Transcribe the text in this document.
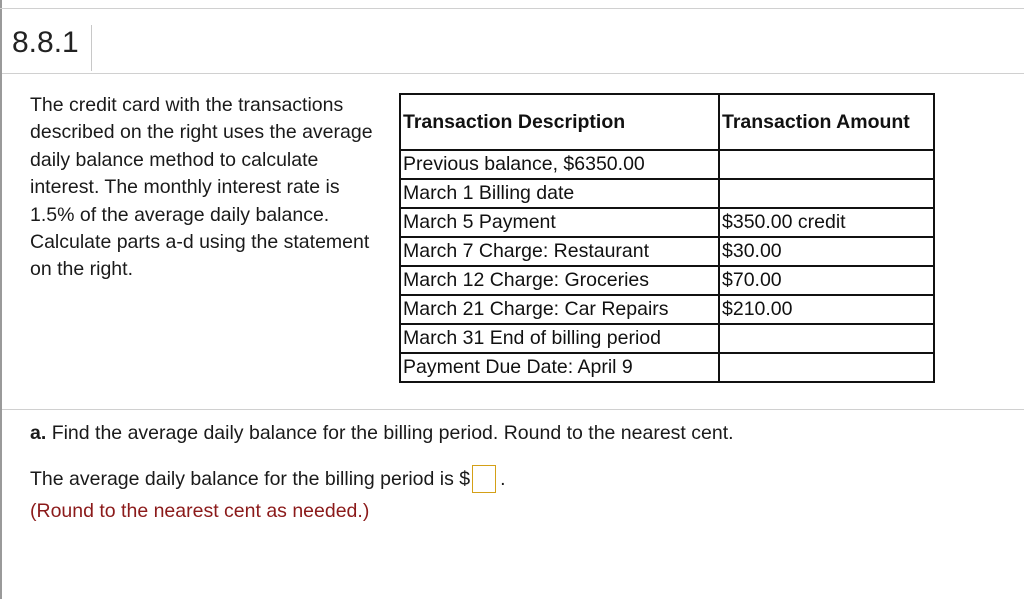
8.8.1
The credit card with the transactions described on the right uses the average daily balance method to calculate interest. The monthly interest rate is 1.5% of the average daily balance. Calculate parts a-d using the statement on the right.
Transaction Description	Transaction Amount
Previous balance, $6350.00	
March 1 Billing date	
March 5 Payment	$350.00 credit
March 7 Charge: Restaurant	$30.00
March 12 Charge: Groceries	$70.00
March 21 Charge: Car Repairs	$210.00
March 31 End of billing period	
Payment Due Date: April 9	
a. Find the average daily balance for the billing period. Round to the nearest cent.
The average daily balance for the billing period is $ .
(Round to the nearest cent as needed.)
